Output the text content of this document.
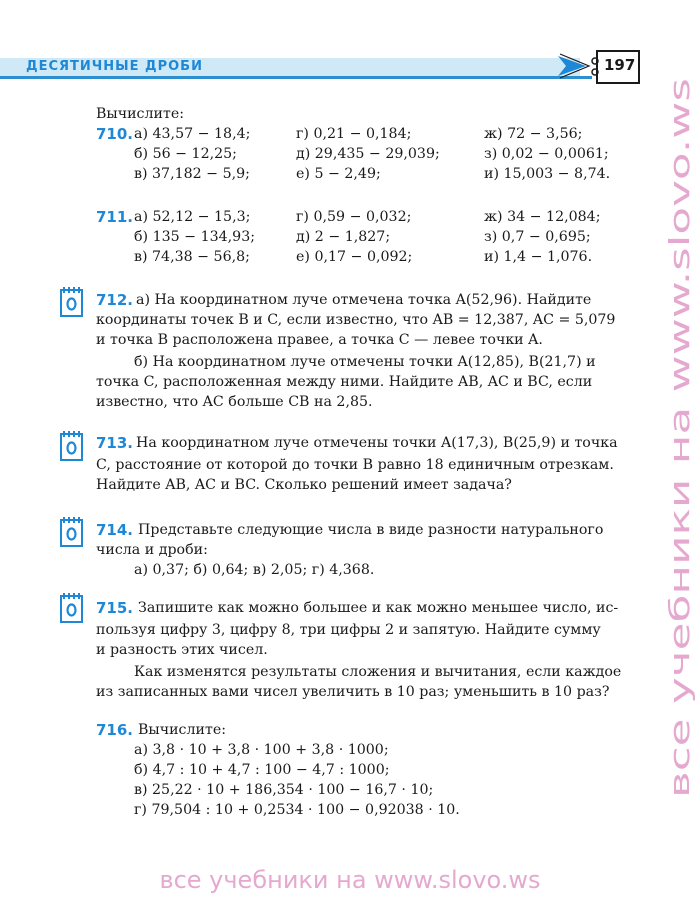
ДЕСЯТИЧНЫЕ ДРОБИ	197
Вычислите:
710. а) 43,57 − 18,4;	г) 0,21 − 0,184;	ж) 72 − 3,56;
б) 56 − 12,25;	д) 29,435 − 29,039;	з) 0,02 − 0,0061;
в) 37,182 − 5,9;	е) 5 − 2,49;	и) 15,003 − 8,74.
711. а) 52,12 − 15,3;	г) 0,59 − 0,032;	ж) 34 − 12,084;
б) 135 − 134,93;	д) 2 − 1,827;	з) 0,7 − 0,695;
в) 74,38 − 56,8;	е) 0,17 − 0,092;	и) 1,4 − 1,076.
712. а) На координатном луче отмечена точка A(52,96). Найдите
координаты точек B и C, если известно, что AB = 12,387, AC = 5,079
и точка B расположена правее, а точка C — левее точки A.
б) На координатном луче отмечены точки A(12,85), B(21,7) и
точка C, расположенная между ними. Найдите AB, AC и BC, если
известно, что AC больше CB на 2,85.
713. На координатном луче отмечены точки A(17,3), B(25,9) и точка
C, расстояние от которой до точки B равно 18 единичным отрезкам.
Найдите AB, AC и BC. Сколько решений имеет задача?
714. Представьте следующие числа в виде разности натурального
числа и дроби:
а) 0,37; б) 0,64; в) 2,05; г) 4,368.
715. Запишите как можно большее и как можно меньшее число, ис-
пользуя цифру 3, цифру 8, три цифры 2 и запятую. Найдите сумму
и разность этих чисел.
Как изменятся результаты сложения и вычитания, если каждое
из записанных вами чисел увеличить в 10 раз; уменьшить в 10 раз?
716. Вычислите:
а) 3,8 · 10 + 3,8 · 100 + 3,8 · 1000;
б) 4,7 : 10 + 4,7 : 100 − 4,7 : 1000;
в) 25,22 · 10 + 186,354 · 100 − 16,7 · 10;
г) 79,504 : 10 + 0,2534 · 100 − 0,92038 · 10.
все учебники на www.slovo.ws
все учебники на www.slovo.ws
